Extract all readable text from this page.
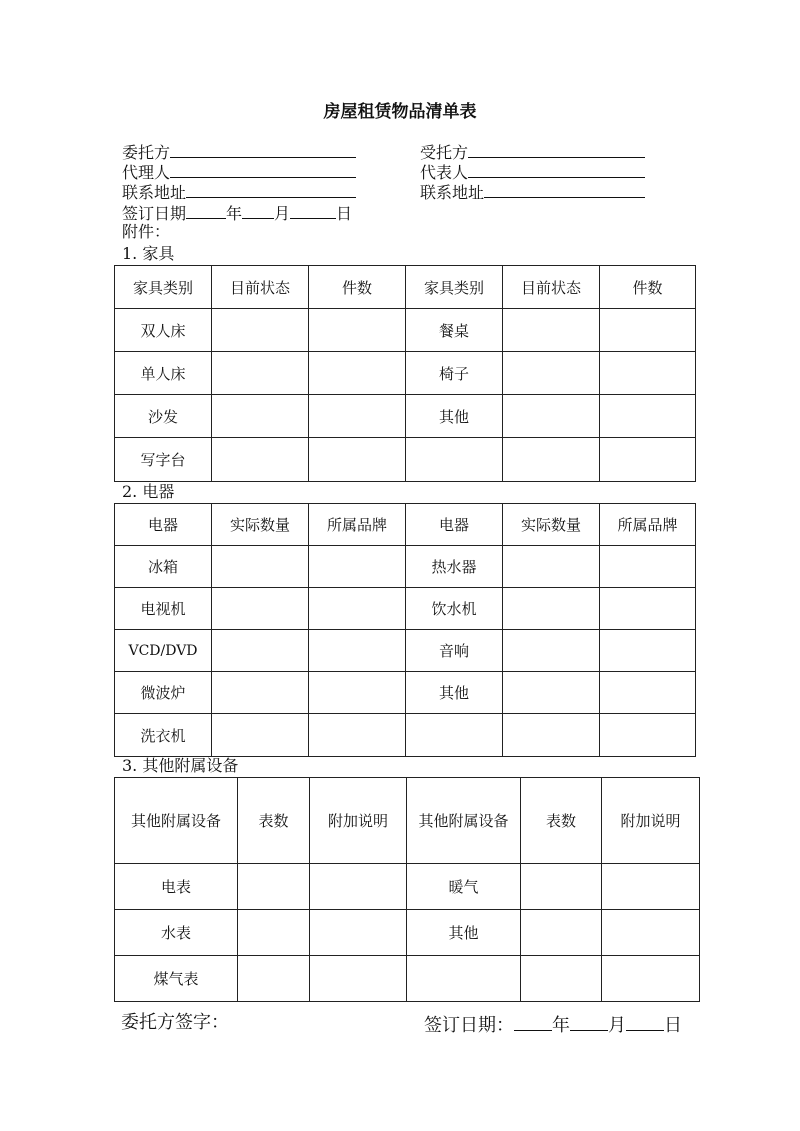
房屋租赁物品清单表
委托方	受托方
代理人	代表人
联系地址	联系地址
签订日期	年 月	日
附件：
1. 家具
家具类别	目前状态	件数	家具类别	目前状态	件数
双人床			餐桌		
单人床			椅子		
沙发			其他		
写字台					
2. 电器
电器	实际数量	所属品牌	电器	实际数量	所属品牌
冰箱			热水器		
电视机			饮水机		
VCD/DVD			音响		
微波炉			其他		
洗衣机					
3. 其他附属设备
其他附属设备	表数	附加说明	其他附属设备	表数	附加说明
电表			暖气		
水表			其他		
煤气表					
委托方签字：	签订日期： 年 月 日
